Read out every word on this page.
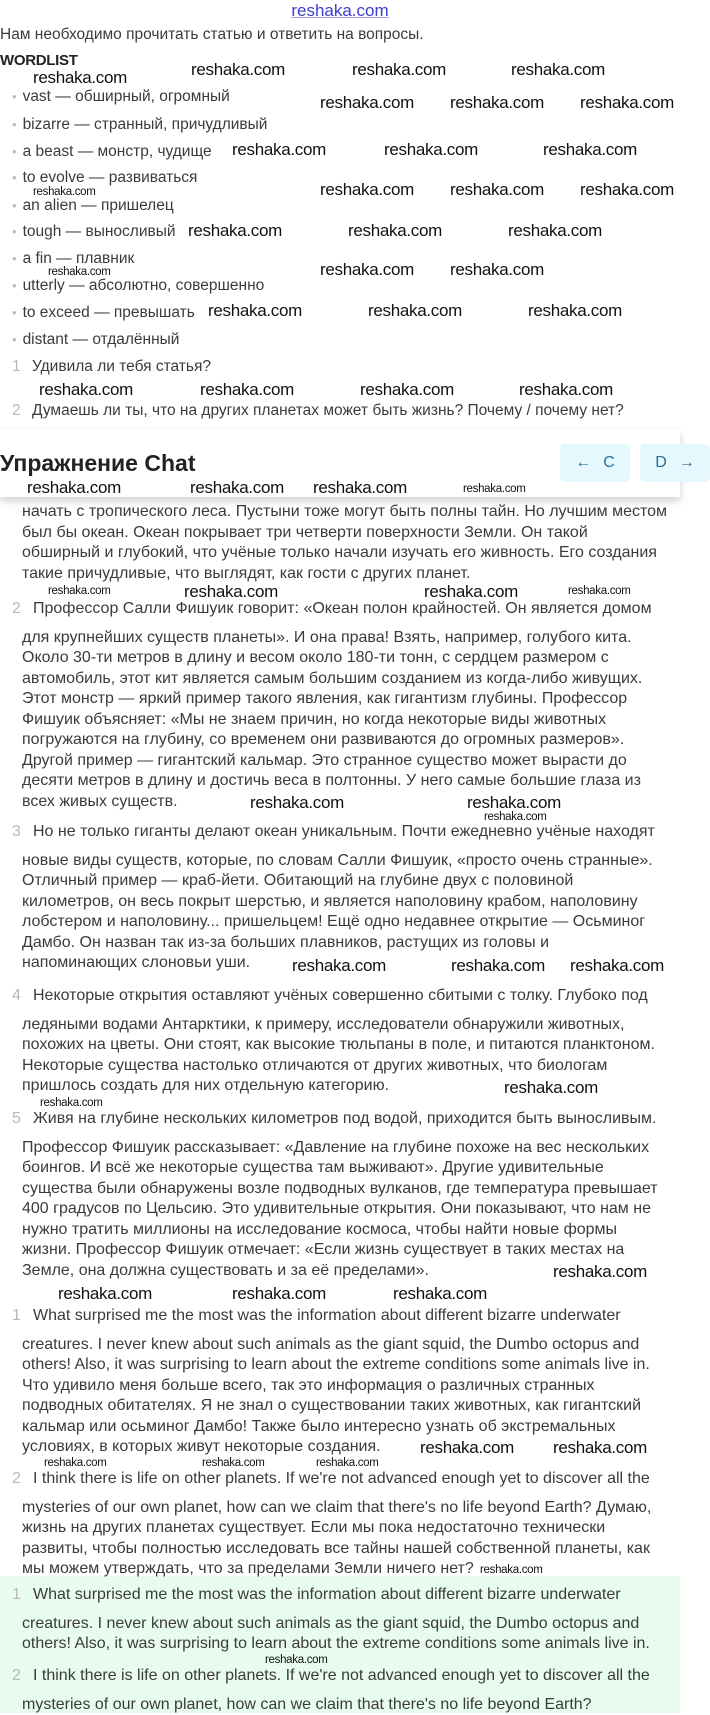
reshaka.com
Нам необходимо прочитать статью и ответить на вопросы.
WORDLIST
• vast — обширный, огромный
• bizarre — странный, причудливый
• a beast — монстр, чудище
• to evolve — развиваться
• an alien — пришелец
• tough — выносливый
• a fin — плавник
• utterly — абсолютно, совершенно
• to exceed — превышать
• distant — отдалённый
1 Удивила ли тебя статья?
2 Думаешь ли ты, что на других планетах может быть жизнь? Почему / почему нет?
Упражнение Chat	← C	D →
начать с тропического леса. Пустыни тоже могут быть полны тайн. Но лучшим местом
был бы океан. Океан покрывает три четверти поверхности Земли. Он такой
обширный и глубокий, что учёные только начали изучать его живность. Его создания
такие причудливые, что выглядят, как гости с других планет.
2 Профессор Салли Фишуик говорит: «Океан полон крайностей. Он является домом
для крупнейших существ планеты». И она права! Взять, например, голубого кита.
Около 30-ти метров в длину и весом около 180-ти тонн, с сердцем размером с
автомобиль, этот кит является самым большим созданием из когда-либо живущих.
Этот монстр — яркий пример такого явления, как гигантизм глубины. Профессор
Фишуик объясняет: «Мы не знаем причин, но когда некоторые виды животных
погружаются на глубину, со временем они развиваются до огромных размеров».
Другой пример — гигантский кальмар. Это странное существо может вырасти до
десяти метров в длину и достичь веса в полтонны. У него самые большие глаза из
всех живых существ.
3 Но не только гиганты делают океан уникальным. Почти ежедневно учёные находят
новые виды существ, которые, по словам Салли Фишуик, «просто очень странные».
Отличный пример — краб-йети. Обитающий на глубине двух с половиной
километров, он весь покрыт шерстью, и является наполовину крабом, наполовину
лобстером и наполовину... пришельцем! Ещё одно недавнее открытие — Осьминог
Дамбо. Он назван так из-за больших плавников, растущих из головы и
напоминающих слоновьи уши.
4 Некоторые открытия оставляют учёных совершенно сбитыми с толку. Глубоко под
ледяными водами Антарктики, к примеру, исследователи обнаружили животных,
похожих на цветы. Они стоят, как высокие тюльпаны в поле, и питаются планктоном.
Некоторые существа настолько отличаются от других животных, что биологам
пришлось создать для них отдельную категорию.
5 Живя на глубине нескольких километров под водой, приходится быть выносливым.
Профессор Фишуик рассказывает: «Давление на глубине похоже на вес нескольких
боингов. И всё же некоторые существа там выживают». Другие удивительные
существа были обнаружены возле подводных вулканов, где температура превышает
400 градусов по Цельсию. Это удивительные открытия. Они показывают, что нам не
нужно тратить миллионы на исследование космоса, чтобы найти новые формы
жизни. Профессор Фишуик отмечает: «Если жизнь существует в таких местах на
Земле, она должна существовать и за её пределами».
1 What surprised me the most was the information about different bizarre underwater
creatures. I never knew about such animals as the giant squid, the Dumbo octopus and
others! Also, it was surprising to learn about the extreme conditions some animals live in.
Что удивило меня больше всего, так это информация о различных странных
подводных обитателях. Я не знал о существовании таких животных, как гигантский
кальмар или осьминог Дамбо! Также было интересно узнать об экстремальных
условиях, в которых живут некоторые создания.
2 I think there is life on other planets. If we're not advanced enough yet to discover all the
mysteries of our own planet, how can we claim that there's no life beyond Earth? Думаю,
жизнь на других планетах существует. Если мы пока недостаточно технически
развиты, чтобы полностью исследовать все тайны нашей собственной планеты, как
мы можем утверждать, что за пределами Земли ничего нет?
1 What surprised me the most was the information about different bizarre underwater
creatures. I never knew about such animals as the giant squid, the Dumbo octopus and
others! Also, it was surprising to learn about the extreme conditions some animals live in.
2 I think there is life on other planets. If we're not advanced enough yet to discover all the
mysteries of our own planet, how can we claim that there's no life beyond Earth?
reshaka.com	reshaka.com	reshaka.com	reshaka.com
reshaka.com reshaka.com reshaka.com
reshaka.com	reshaka.com	reshaka.com
reshaka.com reshaka.com reshaka.com
reshaka.com
reshaka.com	reshaka.com	reshaka.com
reshaka.com reshaka.com
reshaka.com
reshaka.com	reshaka.com	reshaka.com
reshaka.com	reshaka.com	reshaka.com	reshaka.com
reshaka.com	reshaka.com reshaka.com	reshaka.com
reshaka.com	reshaka.com	reshaka.com	reshaka.com
reshaka.com	reshaka.com
reshaka.com
reshaka.com	reshaka.com reshaka.com
reshaka.com
reshaka.com
reshaka.com
reshaka.com	reshaka.com	reshaka.com
reshaka.com reshaka.com
reshaka.com	reshaka.com	reshaka.com
reshaka.com
reshaka.com
